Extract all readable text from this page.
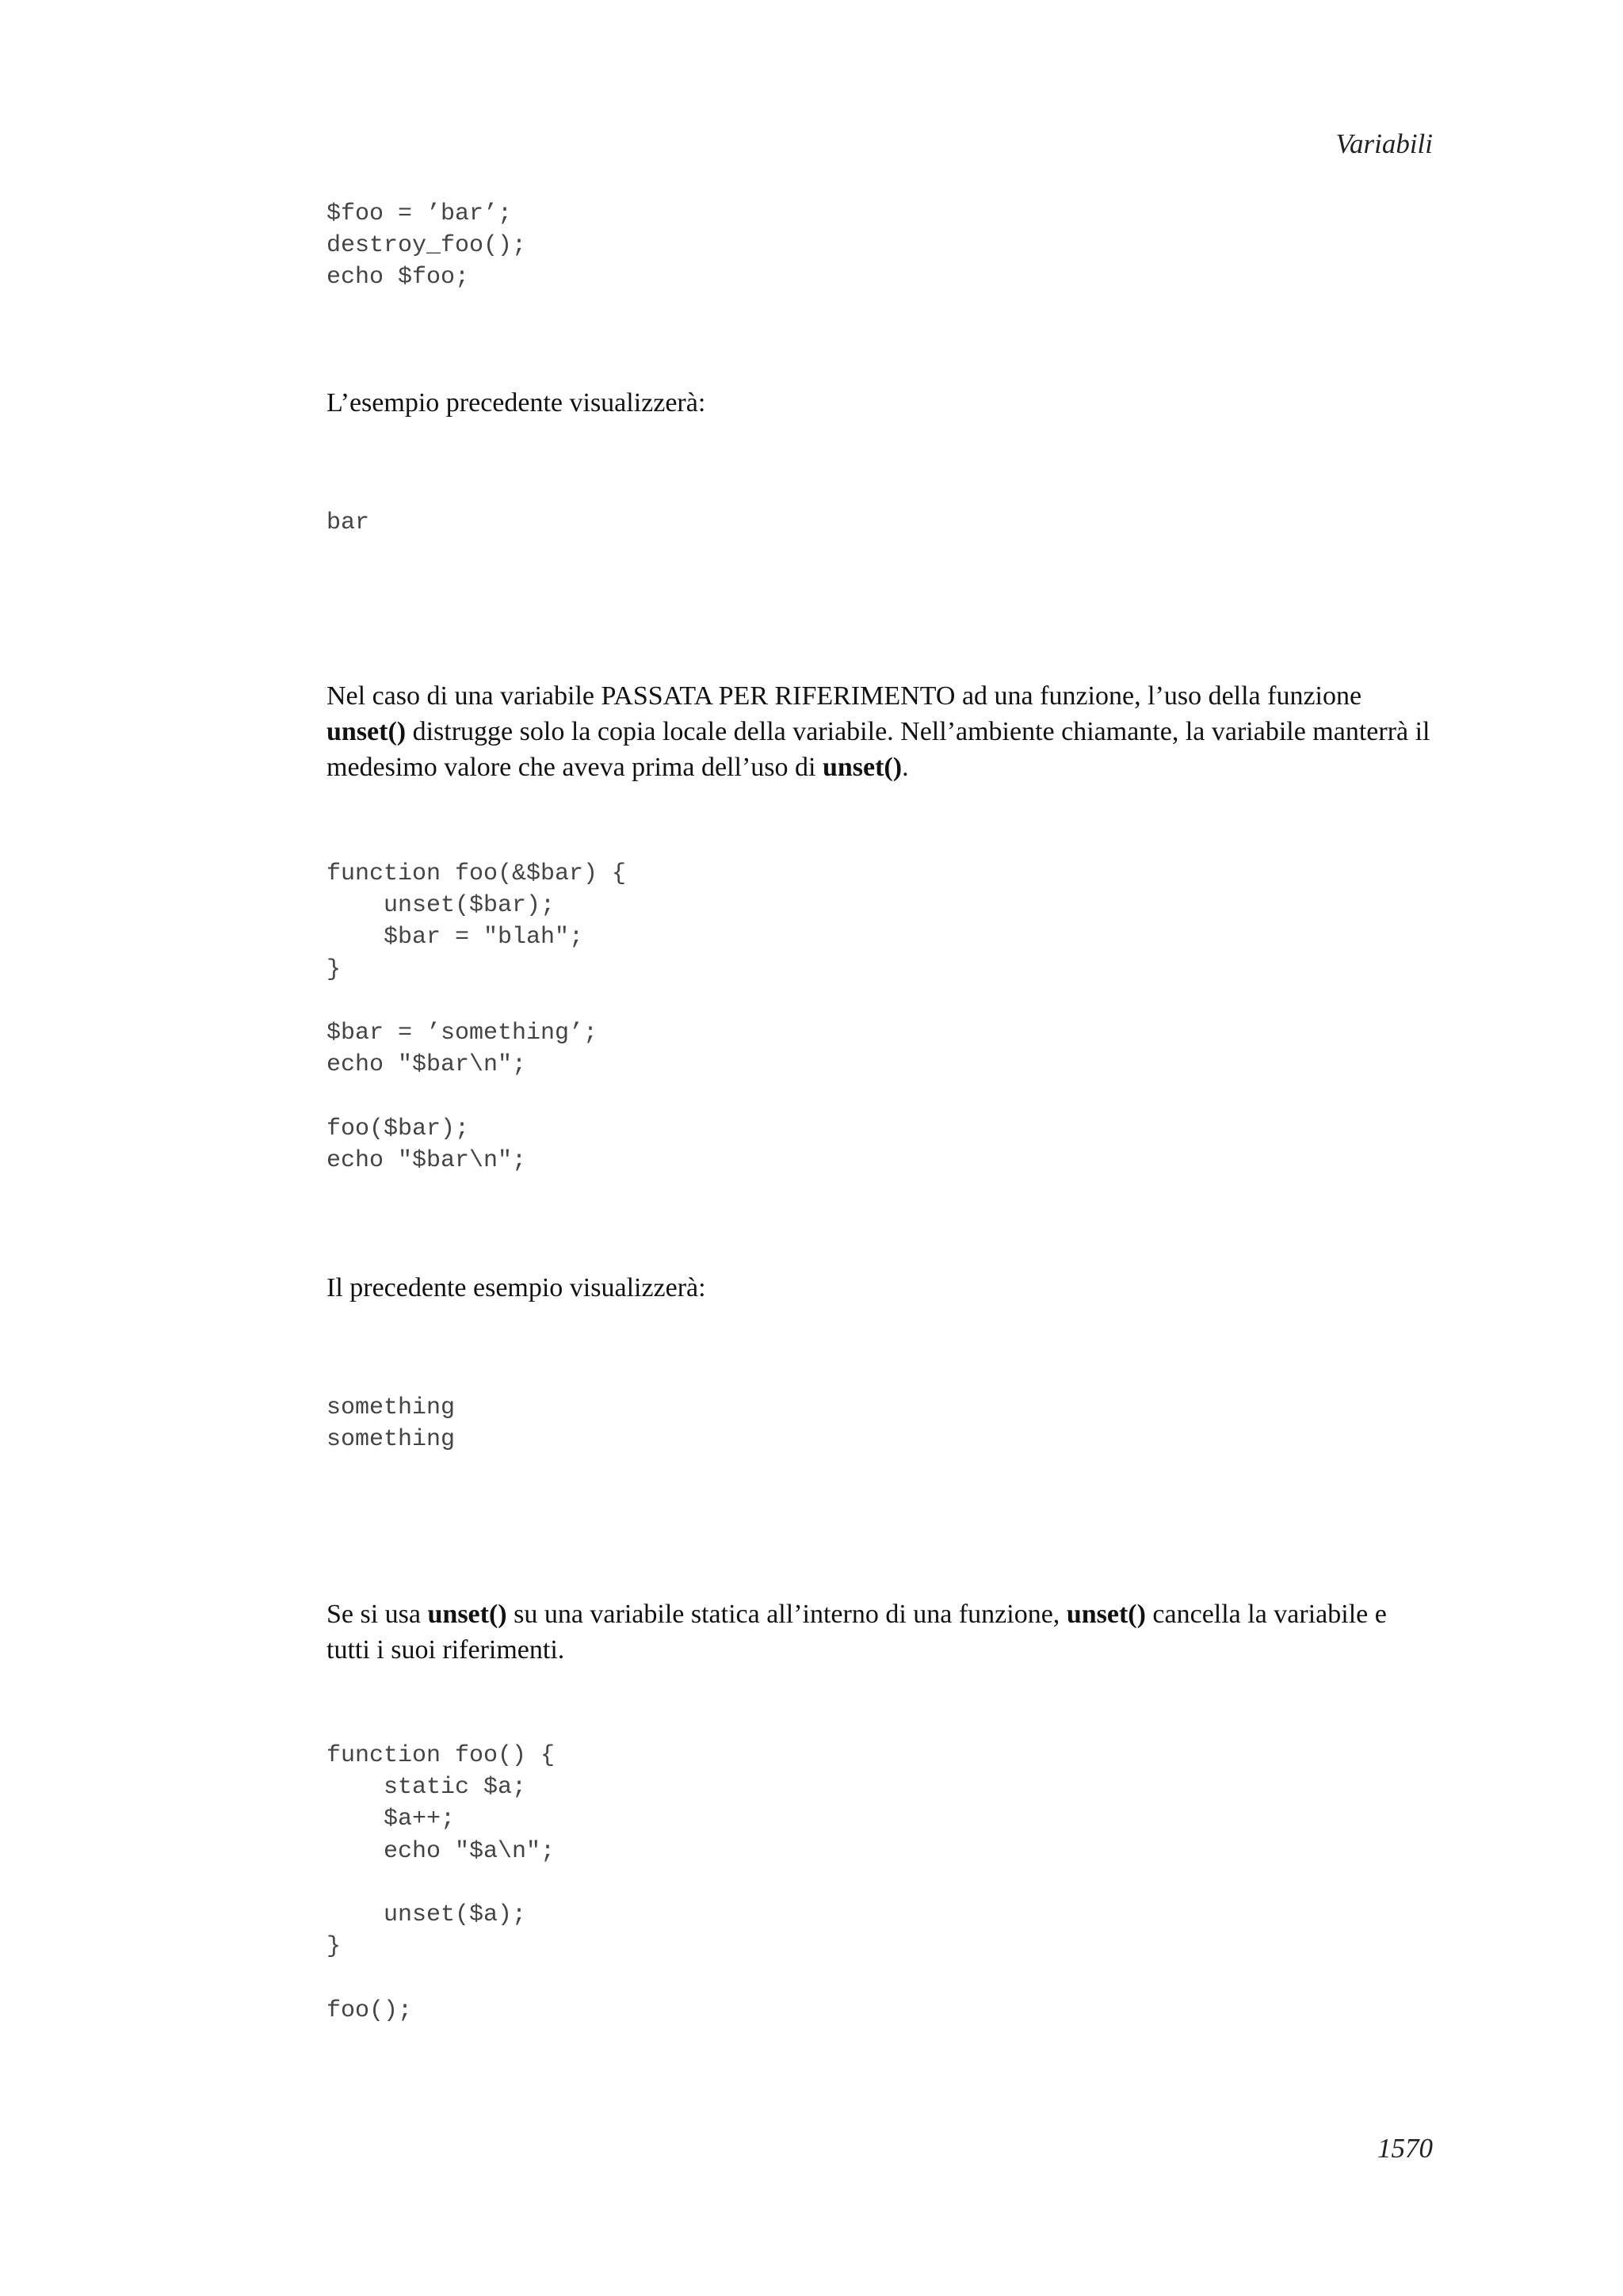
Variabili
$foo = ’bar’;
destroy_foo();
echo $foo;

L’esempio precedente visualizzerà:

bar

Nel caso di una variabile PASSATA PER RIFERIMENTO ad una funzione, l’uso della funzione unset() distrugge solo la copia locale della variabile. Nell’ambiente chiamante, la variabile manterrà il medesimo valore che aveva prima dell’uso di unset().

function foo(&$bar) {
unset($bar);
$bar = "blah";
}

$bar = ’something’;
echo "$bar\n";

foo($bar);
echo "$bar\n";

Il precedente esempio visualizzerà:

something
something

Se si usa unset() su una variabile statica all’interno di una funzione, unset() cancella la variabile e tutti i suoi riferimenti.

function foo() {
static $a;
$a++;
echo "$a\n";

unset($a);
}

foo();
1570
